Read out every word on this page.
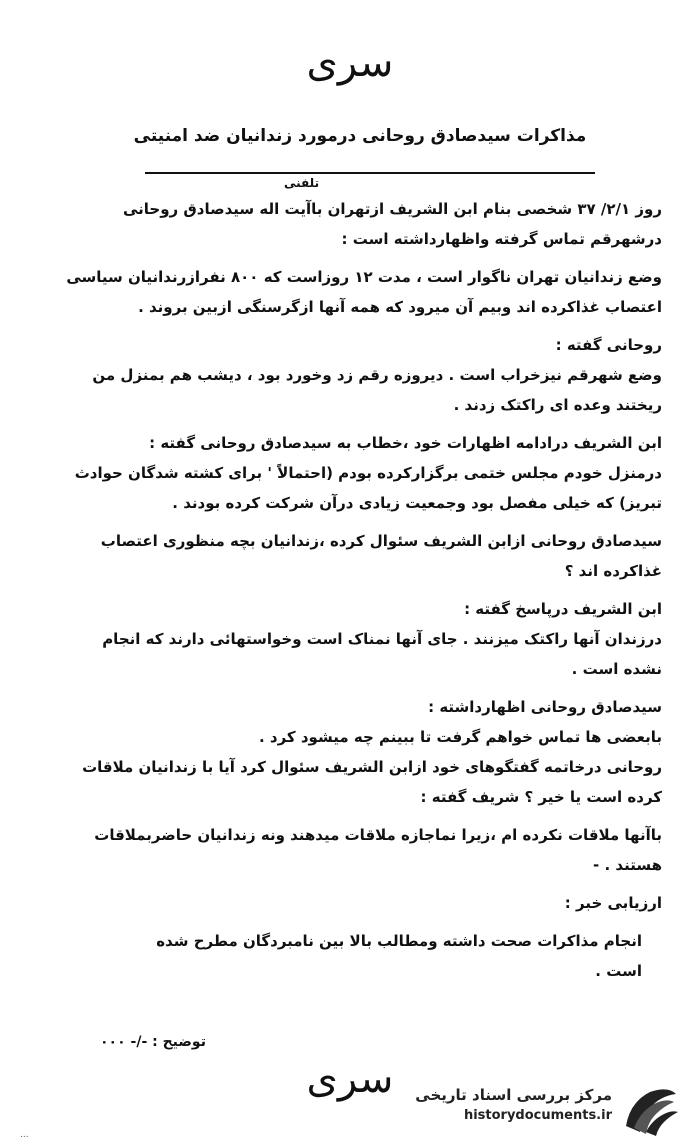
سری
مذاکرات سیدصادق روحانی درمورد زندانیان ضد امنیتی
تلفنی
روز ۲/۱/ ۳۷ شخصی بنام ابن الشریف ازتهران باآیت اله سیدصادق روحانی
درشهرقم تماس گرفته واظهارداشته است :
وضع زندانیان تهران ناگوار است ، مدت ۱۲ روزاست که ۸۰۰ نفرازرندانیان سیاسی
اعتصاب غذاکرده اند وبیم آن میرود که همه آنها ازگرسنگی ازبین بروند .
روحانی گفته :
وضع شهرقم نیزخراب است . دیروزه رقم زد وخورد بود ، دیشب هم بمنزل من
ریختند وعده ای راکتک زدند .
ابن الشریف درادامه اظهارات خود ،خطاب به سیدصادق روحانی گفته :
درمنزل خودم مجلس ختمی برگزارکرده بودم (احتمالاً ' برای کشته شدگان حوادث
تبریز) که خیلی مفصل بود وجمعیت زیادی درآن شرکت کرده بودند .
سیدصادق روحانی ازابن الشریف سئوال کرده ،زندانیان بچه منظوری اعتصاب
غذاکرده اند ؟
ابن الشریف درپاسخ گفته :
درزندان آنها راکتک میزنند . جای آنها نمناک است وخواستهائی دارند که انجام
نشده است .
سیدصادق روحانی اظهارداشته :
بابعضی ها تماس خواهم گرفت تا ببینم چه میشود کرد .
روحانی درخاتمه گفتگوهای خود ازابن الشریف سئوال کرد آیا با زندانیان ملاقات
کرده است یا خیر ؟ شریف گفته :
باآنها ملاقات نکرده ام ،زیرا نماجازه ملاقات میدهند ونه زندانیان حاضربملاقات
هستند . -
ارزیابی خبر :
انجام مذاکرات صحت داشته ومطالب بالا بین نامبردگان مطرح شده
است .
توضیح : -/- ۰۰۰
سری	مرکز بررسی اسناد تاریخی
historydocuments.ir
...
